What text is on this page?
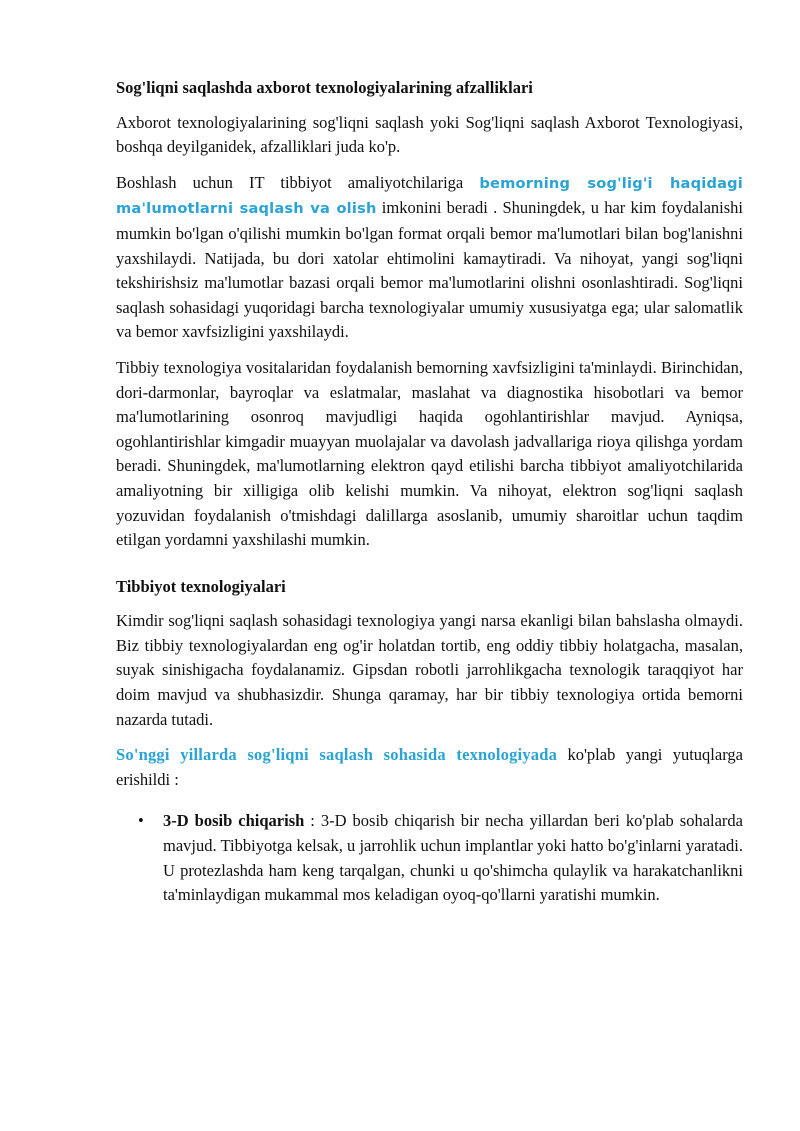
Sog'liqni saqlashda axborot texnologiyalarining afzalliklari

Axborot texnologiyalarining sog'liqni saqlash yoki Sog'liqni saqlash Axborot Texnologiyasi, boshqa deyilganidek, afzalliklari juda ko'p.

Boshlash uchun IT tibbiyot amaliyotchilariga bemorning sog'lig'i haqidagi ma'lumotlarni saqlash va olish imkonini beradi . Shuningdek, u har kim foydalanishi mumkin bo'lgan o'qilishi mumkin bo'lgan format orqali bemor ma'lumotlari bilan bog'lanishni yaxshilaydi. Natijada, bu dori xatolar ehtimolini kamaytiradi. Va nihoyat, yangi sog'liqni tekshirishsiz ma'lumotlar bazasi orqali bemor ma'lumotlarini olishni osonlashtiradi. Sog'liqni saqlash sohasidagi yuqoridagi barcha texnologiyalar umumiy xususiyatga ega; ular salomatlik va bemor xavfsizligini yaxshilaydi.

Tibbiy texnologiya vositalaridan foydalanish bemorning xavfsizligini ta'minlaydi. Birinchidan, dori-darmonlar, bayroqlar va eslatmalar, maslahat va diagnostika hisobotlari va bemor ma'lumotlarining osonroq mavjudligi haqida ogohlantirishlar mavjud. Ayniqsa, ogohlantirishlar kimgadir muayyan muolajalar va davolash jadvallariga rioya qilishga yordam beradi. Shuningdek, ma'lumotlarning elektron qayd etilishi barcha tibbiyot amaliyotchilarida amaliyotning bir xilligiga olib kelishi mumkin. Va nihoyat, elektron sog'liqni saqlash yozuvidan foydalanish o'tmishdagi dalillarga asoslanib, umumiy sharoitlar uchun taqdim etilgan yordamni yaxshilashi mumkin.

Tibbiyot texnologiyalari

Kimdir sog'liqni saqlash sohasidagi texnologiya yangi narsa ekanligi bilan bahslasha olmaydi. Biz tibbiy texnologiyalardan eng og'ir holatdan tortib, eng oddiy tibbiy holatgacha, masalan, suyak sinishigacha foydalanamiz. Gipsdan robotli jarrohlikgacha texnologik taraqqiyot har doim mavjud va shubhasizdir. Shunga qaramay, har bir tibbiy texnologiya ortida bemorni nazarda tutadi.

So'nggi yillarda sog'liqni saqlash sohasida texnologiyada ko'plab yangi yutuqlarga erishildi :

• 3-D bosib chiqarish : 3-D bosib chiqarish bir necha yillardan beri ko'plab sohalarda mavjud. Tibbiyotga kelsak, u jarrohlik uchun implantlar yoki hatto bo'g'inlarni yaratadi. U protezlashda ham keng tarqalgan, chunki u qo'shimcha qulaylik va harakatchanlikni ta'minlaydigan mukammal mos keladigan oyoq-qo'llarni yaratishi mumkin.
